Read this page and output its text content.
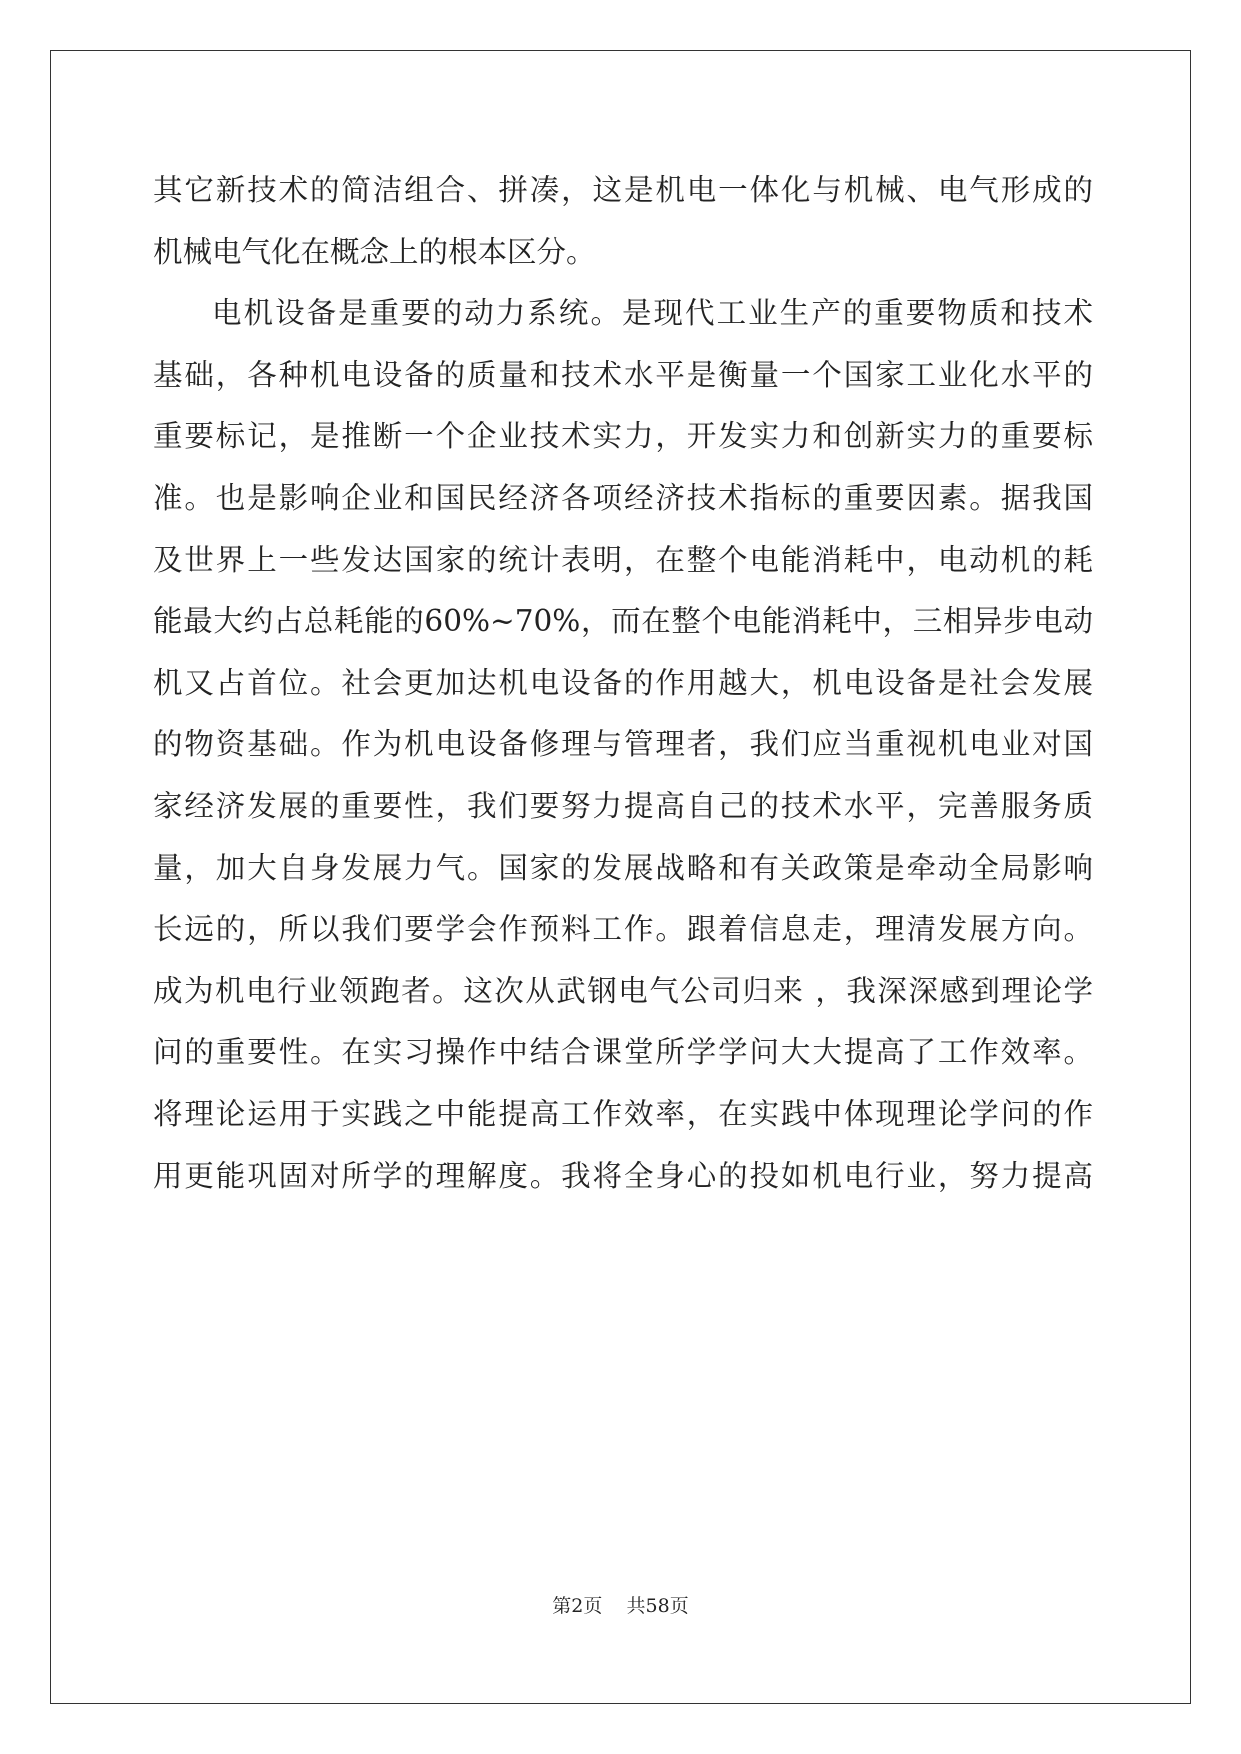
其它新技术的简洁组合、拼凑，这是机电一体化与机械、电气形成的
机械电气化在概念上的根本区分。
电机设备是重要的动力系统。是现代工业生产的重要物质和技术
基础，各种机电设备的质量和技术水平是衡量一个国家工业化水平的
重要标记，是推断一个企业技术实力，开发实力和创新实力的重要标
准。也是影响企业和国民经济各项经济技术指标的重要因素。据我国
及世界上一些发达国家的统计表明，在整个电能消耗中，电动机的耗
能最大约占总耗能的60%~70%，而在整个电能消耗中，三相异步电动
机又占首位。社会更加达机电设备的作用越大，机电设备是社会发展
的物资基础。作为机电设备修理与管理者，我们应当重视机电业对国
家经济发展的重要性，我们要努力提高自己的技术水平，完善服务质
量，加大自身发展力气。国家的发展战略和有关政策是牵动全局影响
长远的，所以我们要学会作预料工作。跟着信息走，理清发展方向。
成为机电行业领跑者。这次从武钢电气公司归来 ，我深深感到理论学
问的重要性。在实习操作中结合课堂所学学问大大提高了工作效率。
将理论运用于实践之中能提高工作效率，在实践中体现理论学问的作
用更能巩固对所学的理解度。我将全身心的投如机电行业，努力提高
第2页    共58页
